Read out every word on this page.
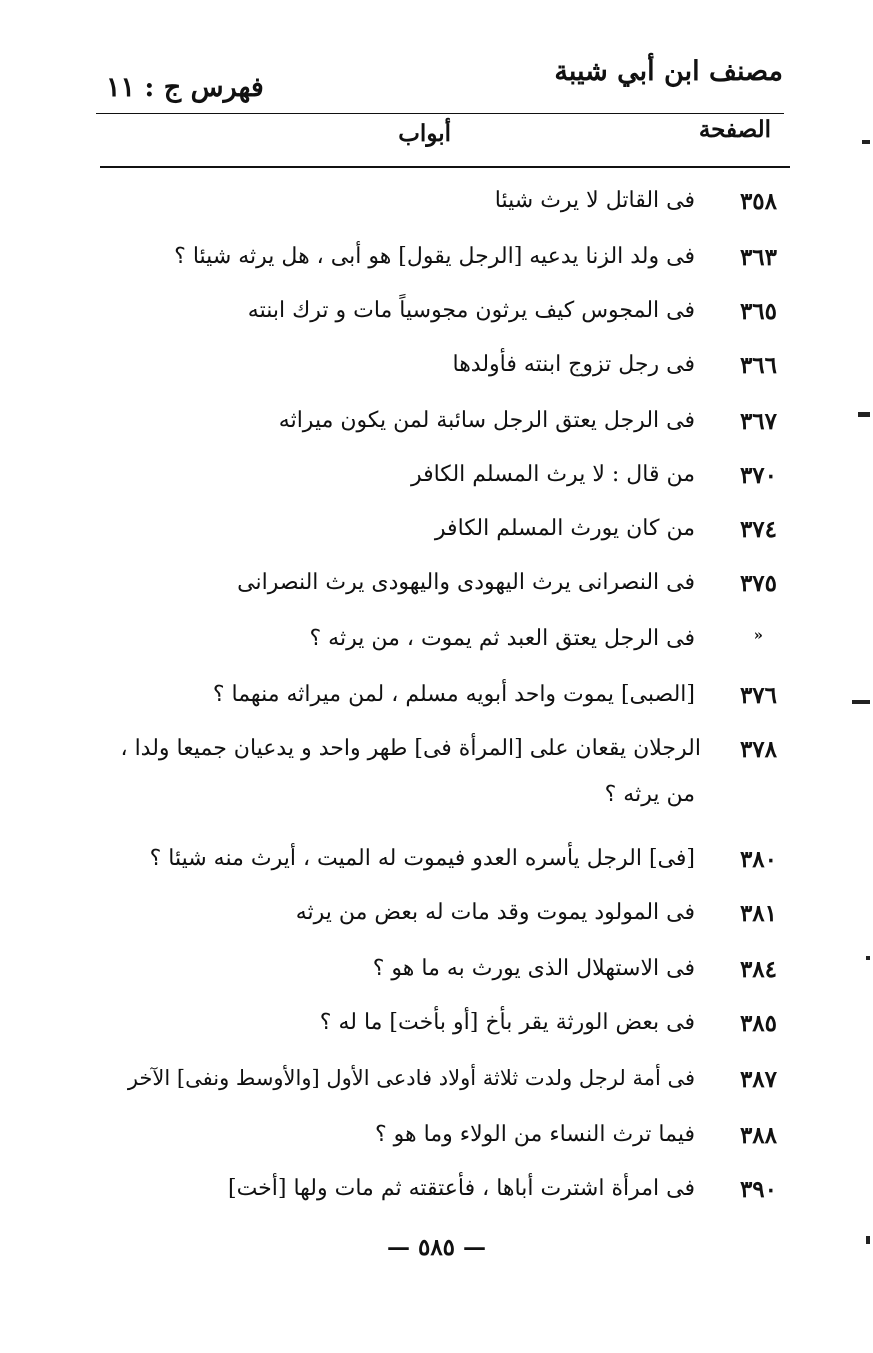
مصنف ابن أبي شيبة
فهرس ج : ١١
الصفحة
أبواب
٣٥٨
فى القاتل لا يرث شيئا
٣٦٣
فى ولد الزنا يدعيه [الرجل يقول] هو أبى ، هل يرثه شيئا ؟
٣٦٥
فى المجوس كيف يرثون مجوسياً مات و ترك ابنته
٣٦٦
فى رجل تزوج ابنته فأولدها
٣٦٧
فى الرجل يعتق الرجل سائبة لمن يكون ميراثه
٣٧٠
من قال : لا يرث المسلم الكافر
٣٧٤
من كان يورث المسلم الكافر
٣٧٥
فى النصرانى يرث اليهودى واليهودى يرث النصرانى
«
فى الرجل يعتق العبد ثم يموت ، من يرثه ؟
٣٧٦
[الصبى] يموت واحد أبويه مسلم ، لمن ميراثه منهما ؟
٣٧٨
الرجلان يقعان على [المرأة فى] طهر واحد و يدعيان جميعا ولدا ،
من يرثه ؟
٣٨٠
[فى] الرجل يأسره العدو فيموت له الميت ، أيرث منه شيئا ؟
٣٨١
فى المولود يموت وقد مات له بعض من يرثه
٣٨٤
فى الاستهلال الذى يورث به ما هو ؟
٣٨٥
فى بعض الورثة يقر بأخ [أو بأخت] ما له ؟
٣٨٧
فى أمة لرجل ولدت ثلاثة أولاد فادعى الأول [والأوسط ونفى] الآخر
٣٨٨
فيما ترث النساء من الولاء وما هو ؟
٣٩٠
فى امرأة اشترت أباها ، فأعتقته ثم مات ولها [أخت]
— ٥٨٥ —
